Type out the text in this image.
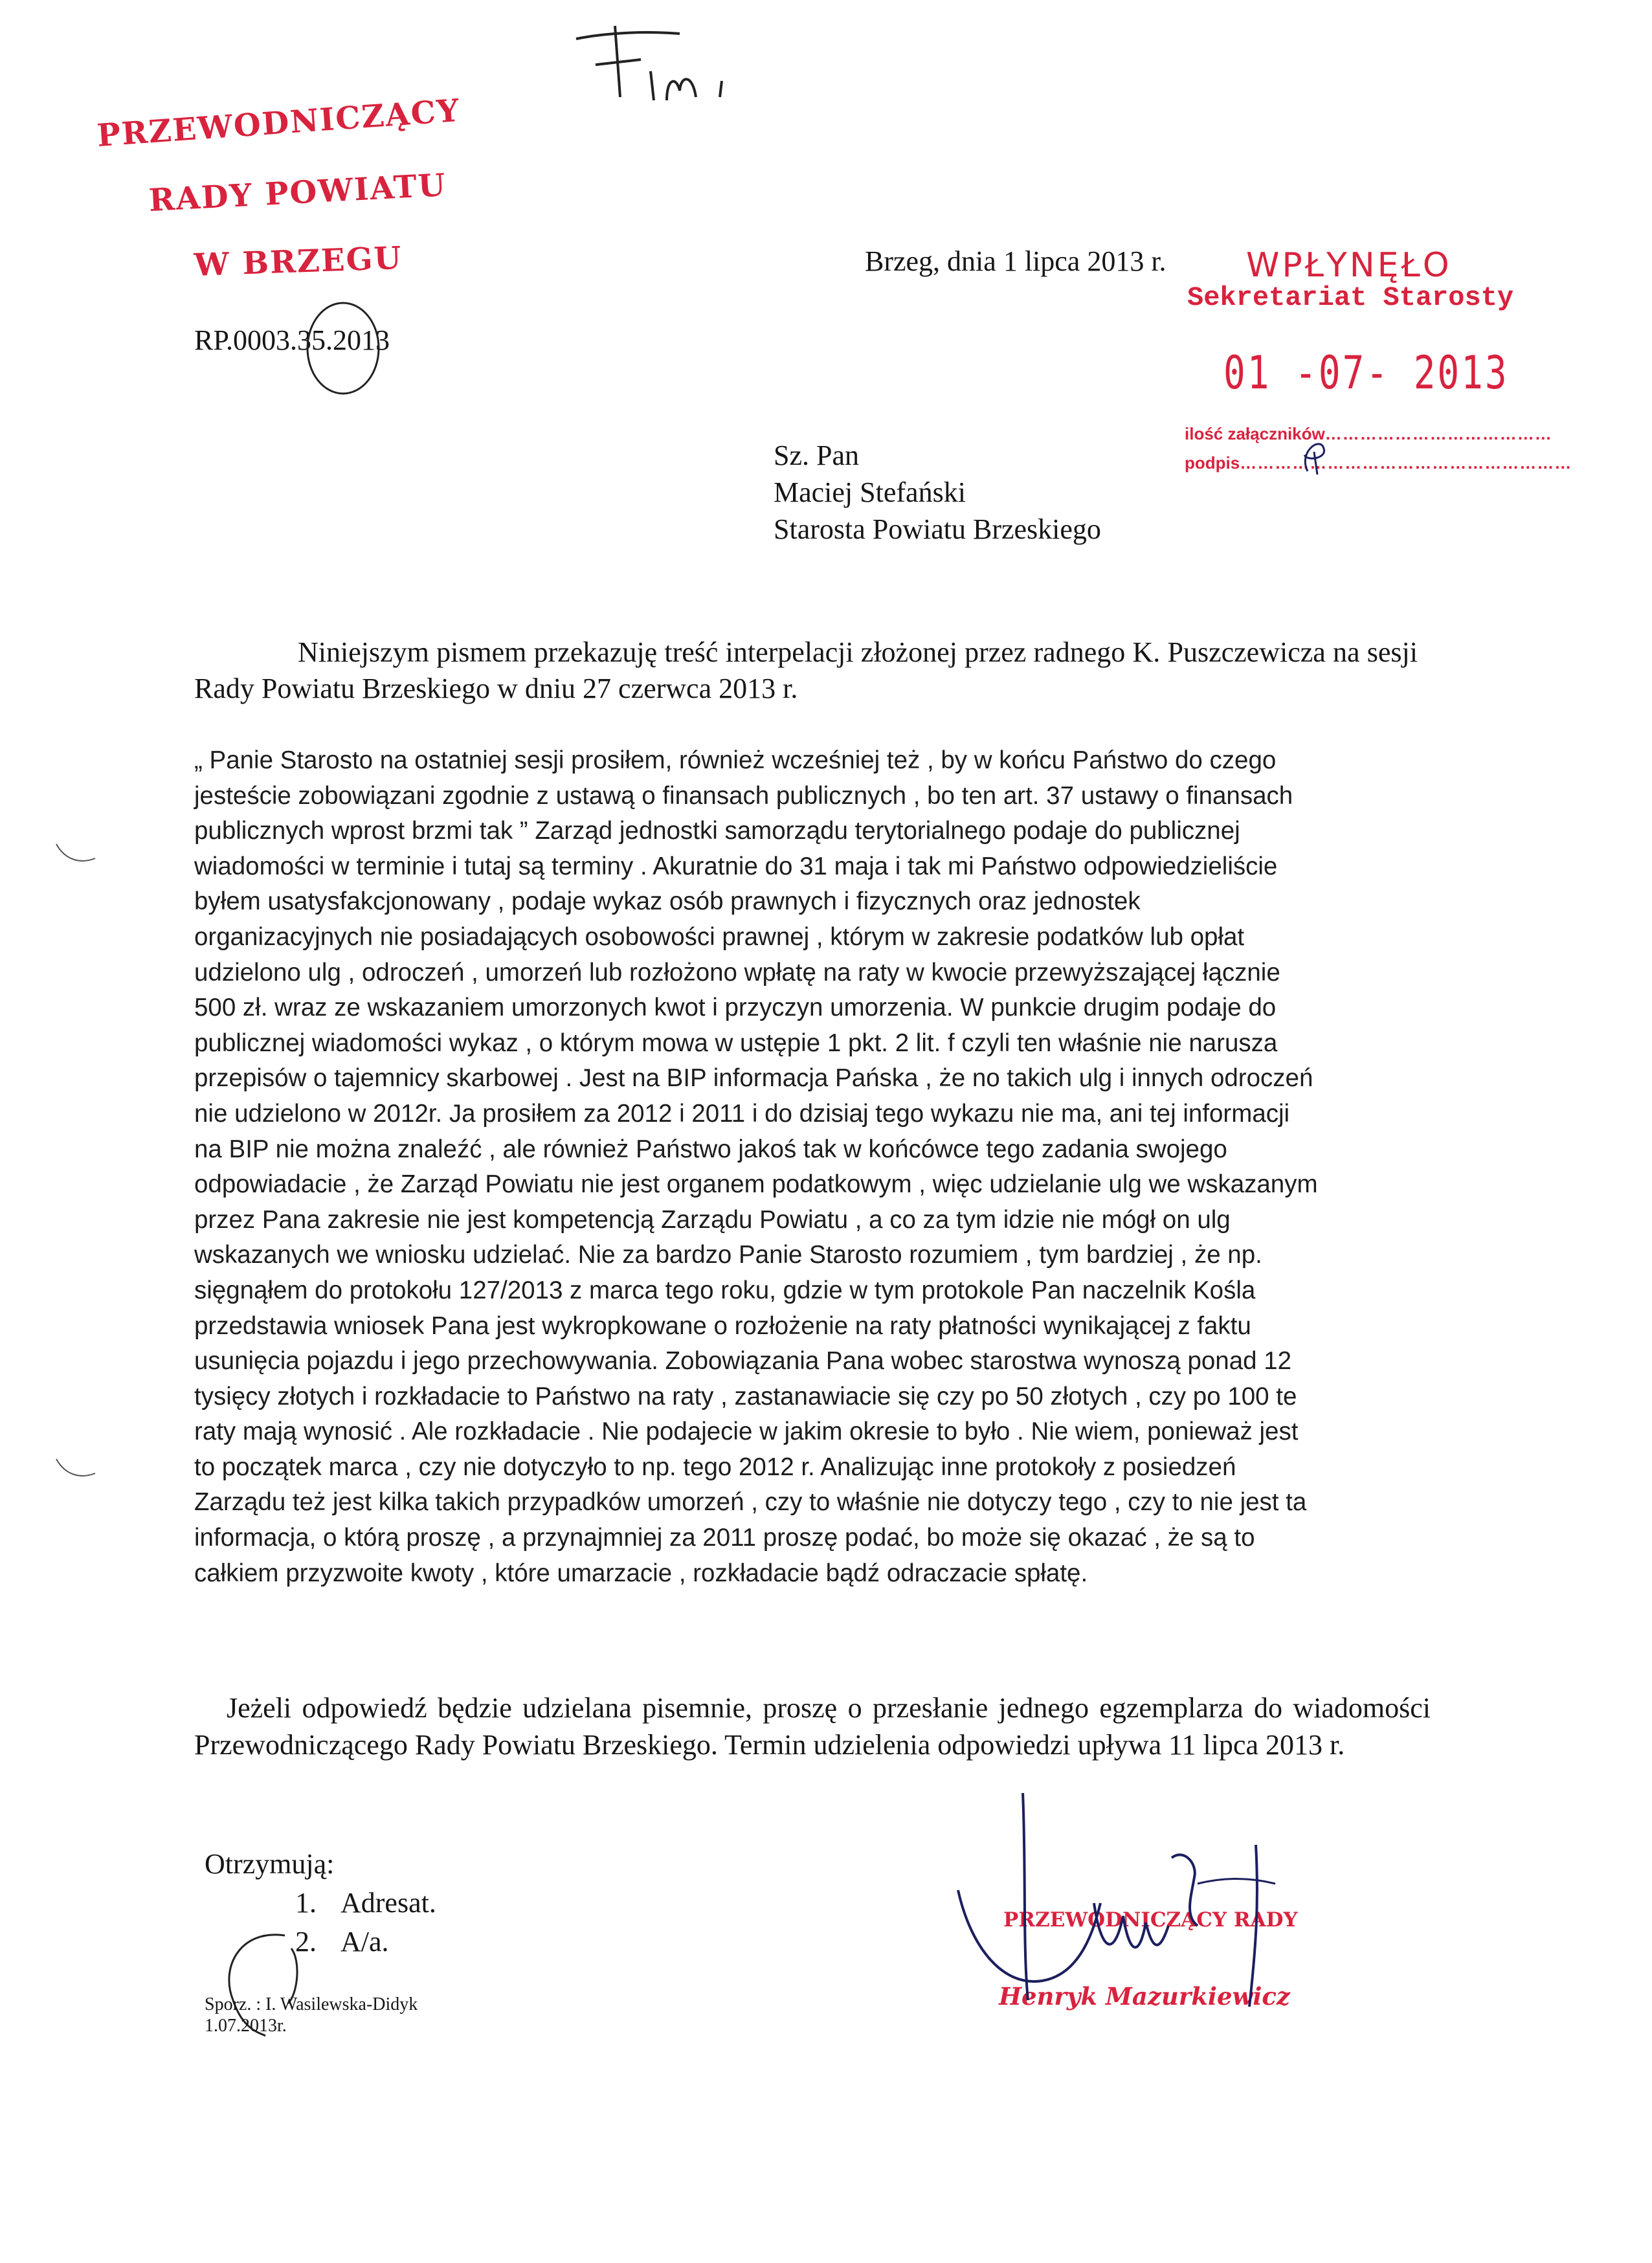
PRZEWODNICZĄCY
RADY POWIATU
W BRZEGU
RP.0003.35.2013
Brzeg, dnia 1 lipca 2013 r. WPŁYNĘŁO
Sekretariat Starosty
01 -07- 2013
ilość załączników…………………………………
podpis…………………………………………………
Sz. Pan
Maciej Stefański
Starosta Powiatu Brzeskiego
Niniejszym pismem przekazuję treść interpelacji złożonej przez radnego K. Puszczewicza na sesji Rady Powiatu Brzeskiego w dniu 27 czerwca 2013 r.
„ Panie Starosto na ostatniej sesji prosiłem, również wcześniej też , by w końcu Państwo do czego
jesteście zobowiązani zgodnie z ustawą o finansach publicznych , bo ten art. 37 ustawy o finansach
publicznych wprost brzmi tak ” Zarząd jednostki samorządu terytorialnego podaje do publicznej
wiadomości w terminie i tutaj są terminy . Akuratnie do 31 maja i tak mi Państwo odpowiedzieliście
byłem usatysfakcjonowany , podaje wykaz osób prawnych i fizycznych oraz jednostek
organizacyjnych nie posiadających osobowości prawnej , którym w zakresie podatków lub opłat
udzielono ulg , odroczeń , umorzeń lub rozłożono wpłatę na raty w kwocie przewyższającej łącznie
500 zł. wraz ze wskazaniem umorzonych kwot i przyczyn umorzenia. W punkcie drugim podaje do
publicznej wiadomości wykaz , o którym mowa w ustępie 1 pkt. 2 lit. f czyli ten właśnie nie narusza
przepisów o tajemnicy skarbowej . Jest na BIP informacja Pańska , że no takich ulg i innych odroczeń
nie udzielono w 2012r. Ja prosiłem za 2012 i 2011 i do dzisiaj tego wykazu nie ma, ani tej informacji
na BIP nie można znaleźć , ale również Państwo jakoś tak w końcówce tego zadania swojego
odpowiadacie , że Zarząd Powiatu nie jest organem podatkowym , więc udzielanie ulg we wskazanym
przez Pana zakresie nie jest kompetencją Zarządu Powiatu , a co za tym idzie nie mógł on ulg
wskazanych we wniosku udzielać. Nie za bardzo Panie Starosto rozumiem , tym bardziej , że np.
sięgnąłem do protokołu 127/2013 z marca tego roku, gdzie w tym protokole Pan naczelnik Kośla
przedstawia wniosek Pana jest wykropkowane o rozłożenie na raty płatności wynikającej z faktu
usunięcia pojazdu i jego przechowywania. Zobowiązania Pana wobec starostwa wynoszą ponad 12
tysięcy złotych i rozkładacie to Państwo na raty , zastanawiacie się czy po 50 złotych , czy po 100 te
raty mają wynosić . Ale rozkładacie . Nie podajecie w jakim okresie to było . Nie wiem, ponieważ jest
to początek marca , czy nie dotyczyło to np. tego 2012 r. Analizując inne protokoły z posiedzeń
Zarządu też jest kilka takich przypadków umorzeń , czy to właśnie nie dotyczy tego , czy to nie jest ta
informacja, o którą proszę , a przynajmniej za 2011 proszę podać, bo może się okazać , że są to
całkiem przyzwoite kwoty , które umarzacie , rozkładacie bądź odraczacie spłatę.
Jeżeli odpowiedź będzie udzielana pisemnie, proszę o przesłanie jednego egzemplarza do wiadomości Przewodniczącego Rady Powiatu Brzeskiego. Termin udzielenia odpowiedzi upływa 11 lipca 2013 r.
Otrzymują:
1. Adresat.
2. A/a.
Sporz. : I. Wasilewska-Didyk
1.07.2013r.
PRZEWODNICZĄCY RADY
Henryk Mazurkiewicz
